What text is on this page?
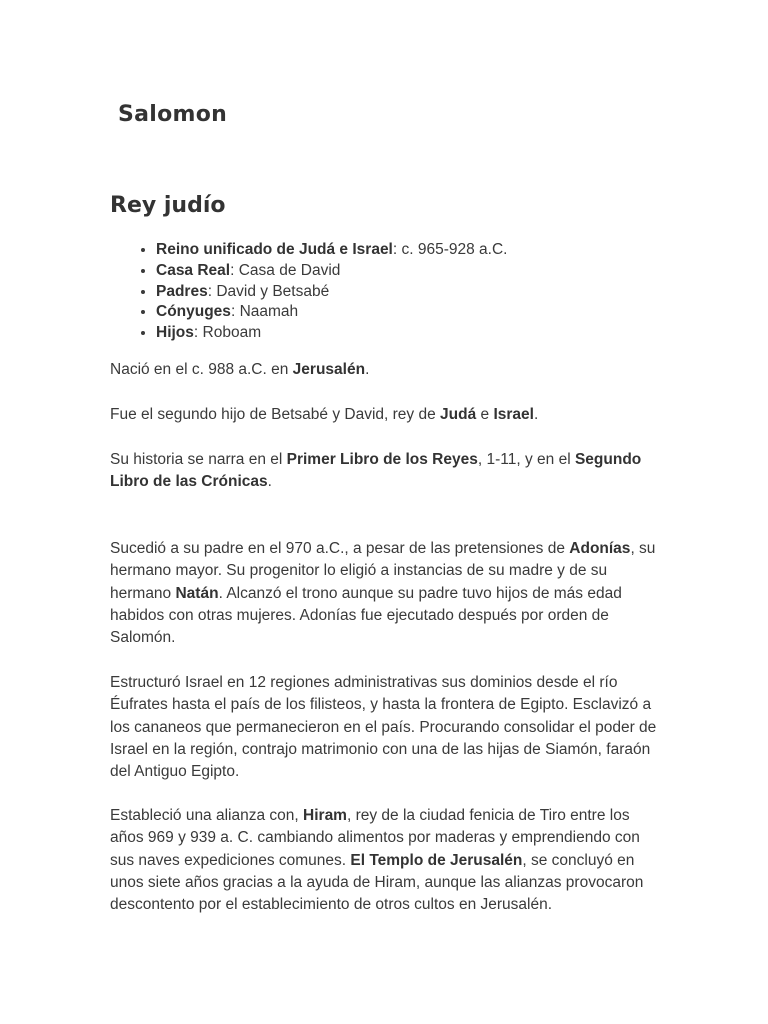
Salomon
Rey judío
• Reino unificado de Judá e Israel: c. 965-928 a.C.
• Casa Real: Casa de David
• Padres: David y Betsabé
• Cónyuges: Naamah
• Hijos: Roboam

Nació en el c. 988 a.C. en Jerusalén.

Fue el segundo hijo de Betsabé y David, rey de Judá e Israel.

Su historia se narra en el Primer Libro de los Reyes, 1-11, y en el Segundo Libro de las Crónicas.

Sucedió a su padre en el 970 a.C., a pesar de las pretensiones de Adonías, su hermano mayor. Su progenitor lo eligió a instancias de su madre y de su hermano Natán. Alcanzó el trono aunque su padre tuvo hijos de más edad habidos con otras mujeres. Adonías fue ejecutado después por orden de Salomón.

Estructuró Israel en 12 regiones administrativas sus dominios desde el río Éufrates hasta el país de los filisteos, y hasta la frontera de Egipto. Esclavizó a los cananeos que permanecieron en el país. Procurando consolidar el poder de Israel en la región, contrajo matrimonio con una de las hijas de Siamón, faraón del Antiguo Egipto.

Estableció una alianza con, Hiram, rey de la ciudad fenicia de Tiro entre los años 969 y 939 a. C. cambiando alimentos por maderas y emprendiendo con sus naves expediciones comunes. El Templo de Jerusalén, se concluyó en unos siete años gracias a la ayuda de Hiram, aunque las alianzas provocaron descontento por el establecimiento de otros cultos en Jerusalén.
